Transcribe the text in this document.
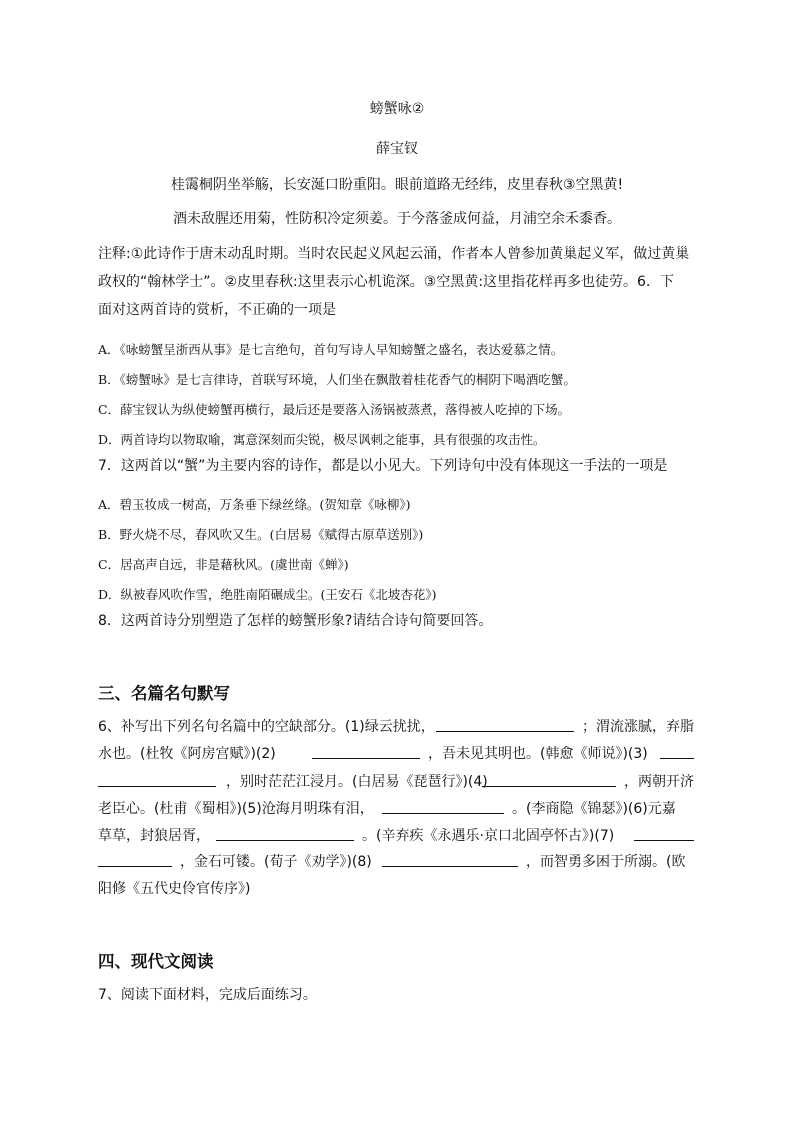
螃蟹咏②
薛宝钗
桂霭桐阴坐举觞，长安涎口盼重阳。眼前道路无经纬，皮里春秋③空黑黄!
酒未敌腥还用菊，性防积冷定须姜。于今落釜成何益，月浦空余禾黍香。
注释:①此诗作于唐末动乱时期。当时农民起义风起云涌，作者本人曾参加黄巢起义军，做过黄巢
政权的“翰林学士”。②皮里春秋:这里表示心机诡深。③空黑黄:这里指花样再多也徒劳。6．下
面对这两首诗的赏析，不正确的一项是
A．《咏螃蟹呈浙西从事》是七言绝句，首句写诗人早知螃蟹之盛名，表达爱慕之情。
B．《螃蟹咏》是七言律诗，首联写环境，人们坐在飘散着桂花香气的桐阴下喝酒吃蟹。
C．薛宝钗认为纵使螃蟹再横行，最后还是要落入汤锅被蒸煮，落得被人吃掉的下场。
D．两首诗均以物取喻，寓意深刻而尖锐，极尽讽刺之能事，具有很强的攻击性。
7．这两首以“蟹”为主要内容的诗作，都是以小见大。下列诗句中没有体现这一手法的一项是
A．碧玉妆成一树高，万条垂下绿丝绦。(贺知章《咏柳》)
B．野火烧不尽，春风吹又生。(白居易《赋得古原草送别》)
C．居高声自远，非是藉秋风。(虞世南《蝉》)
D．纵被春风吹作雪，绝胜南陌碾成尘。(王安石《北坡杏花》)
8．这两首诗分别塑造了怎样的螃蟹形象?请结合诗句简要回答。
三、名篇名句默写
6、补写出下列名句名篇中的空缺部分。(1)绿云扰扰，	；渭流涨腻，弃脂
水也。(杜牧《阿房宫赋》)(2)	，吾未见其明也。(韩愈《师说》)(3)
，别时茫茫江浸月。(白居易《琵琶行》)(4)	，两朝开济
老臣心。(杜甫《蜀相》)(5)沧海月明珠有泪，	。(李商隐《锦瑟》)(6)元嘉
草草，封狼居胥，	。(辛弃疾《永遇乐·京口北固亭怀古》)(7)
，金石可镂。(荀子《劝学》)(8)	，而智勇多困于所溺。(欧
阳修《五代史伶官传序》)
四、现代文阅读
7、阅读下面材料，完成后面练习。
